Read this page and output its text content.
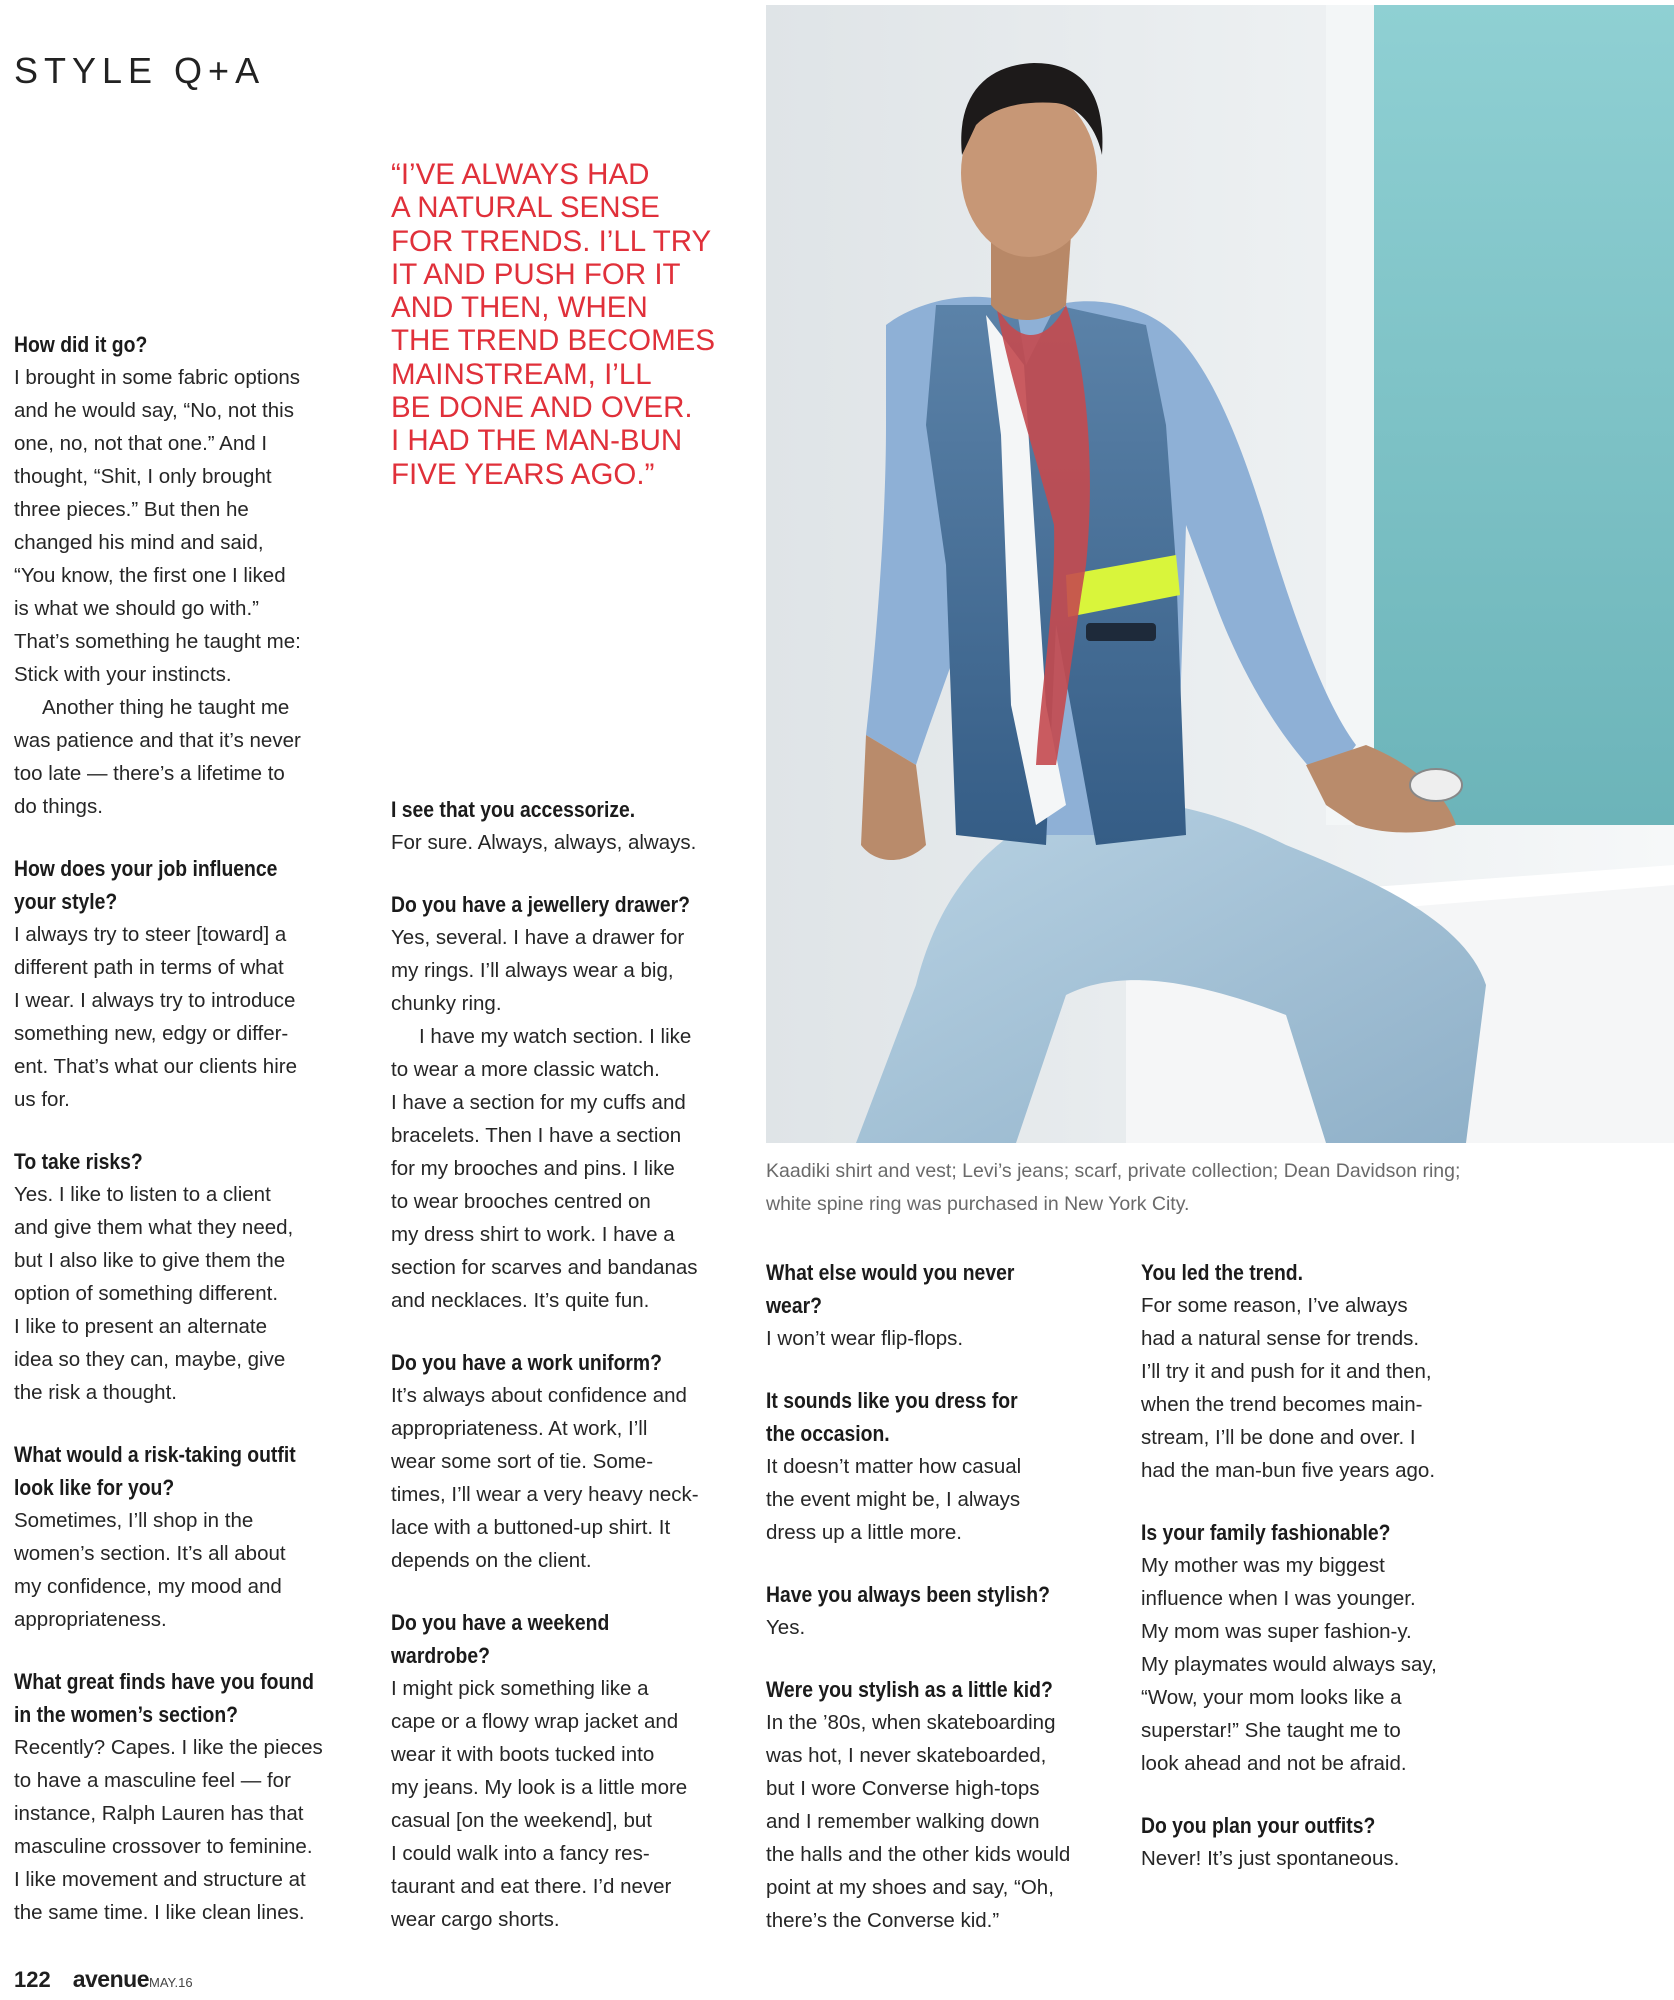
STYLE Q+A
How did it go?

I brought in some fabric options

and he would say, “No, not this

one, no, not that one.” And I

thought, “Shit, I only brought

three pieces.” But then he

changed his mind and said,

“You know, the first one I liked

is what we should go with.”

That’s something he taught me:

Stick with your instincts.

Another thing he taught me

was patience and that it’s never

too late — there’s a lifetime to

do things.

How does your job influence
your style?

I always try to steer [toward] a

different path in terms of what

I wear. I always try to introduce

something new, edgy or differ-

ent. That’s what our clients hire

us for.

To take risks?

Yes. I like to listen to a client

and give them what they need,

but I also like to give them the

option of something different.

I like to present an alternate

idea so they can, maybe, give

the risk a thought.

What would a risk-taking outfit
look like for you?

Sometimes, I’ll shop in the

women’s section. It’s all about

my confidence, my mood and

appropriateness.

What great finds have you found
in the women’s section?

Recently? Capes. I like the pieces

to have a masculine feel — for

instance, Ralph Lauren has that

masculine crossover to feminine.

I like movement and structure at

the same time. I like clean lines.

“I’VE ALWAYS HAD
A NATURAL SENSE
FOR TRENDS. I’LL TRY
IT AND PUSH FOR IT
AND THEN, WHEN
THE TREND BECOMES
MAINSTREAM, I’LL
BE DONE AND OVER.
I HAD THE MAN-BUN
FIVE YEARS AGO.”
I see that you accessorize.

For sure. Always, always, always.

Do you have a jewellery drawer?

Yes, several. I have a drawer for

my rings. I’ll always wear a big,

chunky ring.

I have my watch section. I like

to wear a more classic watch.

I have a section for my cuffs and

bracelets. Then I have a section

for my brooches and pins. I like

to wear brooches centred on

my dress shirt to work. I have a

section for scarves and bandanas

and necklaces. It’s quite fun.

Do you have a work uniform?

It’s always about confidence and

appropriateness. At work, I’ll

wear some sort of tie. Some-

times, I’ll wear a very heavy neck-

lace with a buttoned-up shirt. It

depends on the client.

Do you have a weekend
wardrobe?

I might pick something like a

cape or a flowy wrap jacket and

wear it with boots tucked into

my jeans. My look is a little more

casual [on the weekend], but

I could walk into a fancy res-

taurant and eat there. I’d never

wear cargo shorts.

Kaadiki shirt and vest; Levi’s jeans; scarf, private collection; Dean Davidson ring;
white spine ring was purchased in New York City.

What else would you never
wear?

I won’t wear flip-flops.

It sounds like you dress for
the occasion.

It doesn’t matter how casual

the event might be, I always

dress up a little more.

Have you always been stylish?

Yes.

Were you stylish as a little kid?

In the ’80s, when skateboarding

was hot, I never skateboarded,

but I wore Converse high-tops

and I remember walking down

the halls and the other kids would

point at my shoes and say, “Oh,

there’s the Converse kid.”

You led the trend.

For some reason, I’ve always

had a natural sense for trends.

I’ll try it and push for it and then,

when the trend becomes main-

stream, I’ll be done and over. I

had the man-bun five years ago.

Is your family fashionable?

My mother was my biggest

influence when I was younger.

My mom was super fashion-y.

My playmates would always say,

“Wow, your mom looks like a

superstar!” She taught me to

look ahead and not be afraid.

Do you plan your outfits?

Never! It’s just spontaneous.

122 avenueMAY.16
